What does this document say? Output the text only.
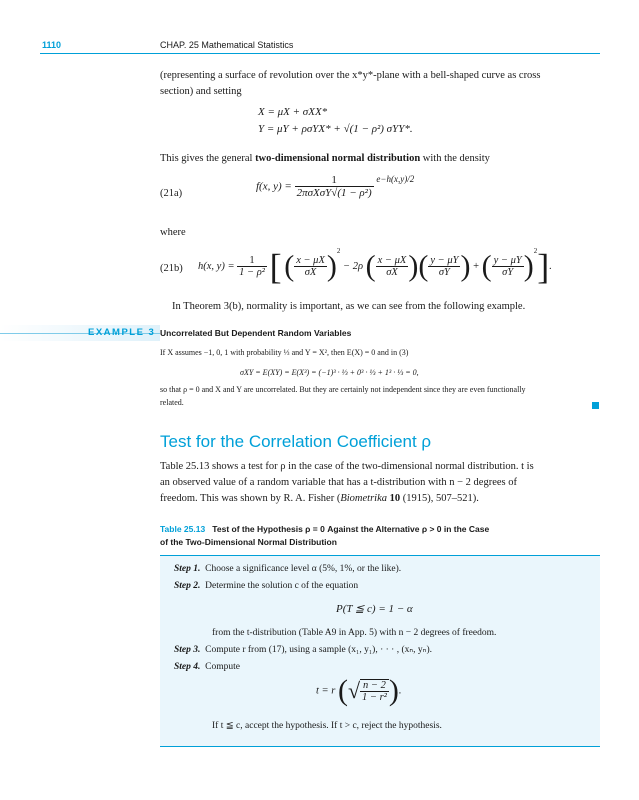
1110	CHAP. 25 Mathematical Statistics
(representing a surface of revolution over the x*y*-plane with a bell-shaped curve as cross
section) and setting
X = μX + σXX*
Y = μY + ρσYX* + √(1 − ρ²) σYY*.
This gives the general two-dimensional normal distribution with the density
(21a)
f(x, $y) = \frac{1}{\text{2πσXσY√(1 − ρ²)}} ^{e-h(x,y)/2}$
where
(21b) h(x, $y) = \frac{1}{\text{1 − ρ²}}$ [ ( $\frac{x - \mu X}{\sigma X} )^2 - 2\rho$ ( $\frac{x - \mu X}{\sigma X}$ )( $\frac{y - \mu Y}{\sigma Y}$ ) + ( $\frac{y - \mu Y}{\sigma Y} )^2$].
In Theorem 3(b), normality is important, as we can see from the following example.
EXAMPLE 3 Uncorrelated But Dependent Random Variables
If X assumes −1, 0, 1 with probability ⅓ and Y = X², then E(X) = 0 and in (3)
σXY = E(XY) = E(X³) = (−1)³ · ⅓ + 0³ · ⅓ + 1³ · ⅓ = 0,
so that ρ = 0 and X and Y are uncorrelated. But they are certainly not independent since they are even functionally
related.
Test for the Correlation Coefficient ρ
Table 25.13 shows a test for ρ in the case of the two-dimensional normal distribution. t is
an observed value of a random variable that has a t-distribution with n − 2 degrees of
freedom. This was shown by R. A. Fisher (Biometrika 10 (1915), 507–521).
Table 25.13 Test of the Hypothesis ρ = 0 Against the Alternative ρ > 0 in the Case
of the Two-Dimensional Normal Distribution
Step 1. Choose a significance level α (5%, 1%, or the like).
Step 2. Determine the solution c of the equation
P(T ≦ c) = 1 − α
from the t-distribution (Table A9 in App. 5) with n − 2 degrees of freedom.
Step 3. Compute r from (17), using a sample (x₁, y₁), · · · , (xₙ, yₙ).
Step 4. Compute
t = r (√ $\frac{n - 2}{\text{1 − r²}}$ ).
If t ≦ c, accept the hypothesis. If t > c, reject the hypothesis.
